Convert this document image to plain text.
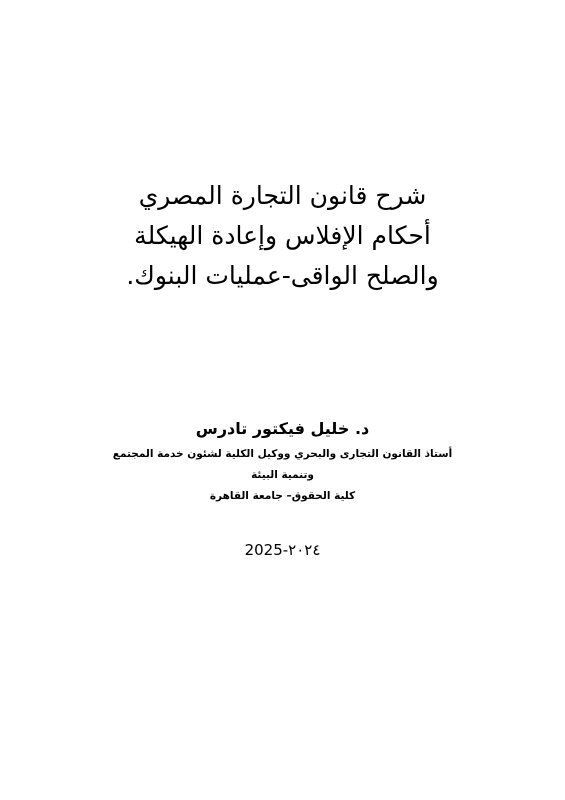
شرح قانون التجارة المصري
أحكام الإفلاس وإعادة الهيكلة
والصلح الواقى-عمليات البنوك.
د. خليل فيكتور تادرس
أستاذ القانون التجارى والبحري ووكيل الكلية لشئون خدمة المجتمع
وتنمية البيئة
كلية الحقوق– جامعة القاهرة
2025-٢٠٢٤
